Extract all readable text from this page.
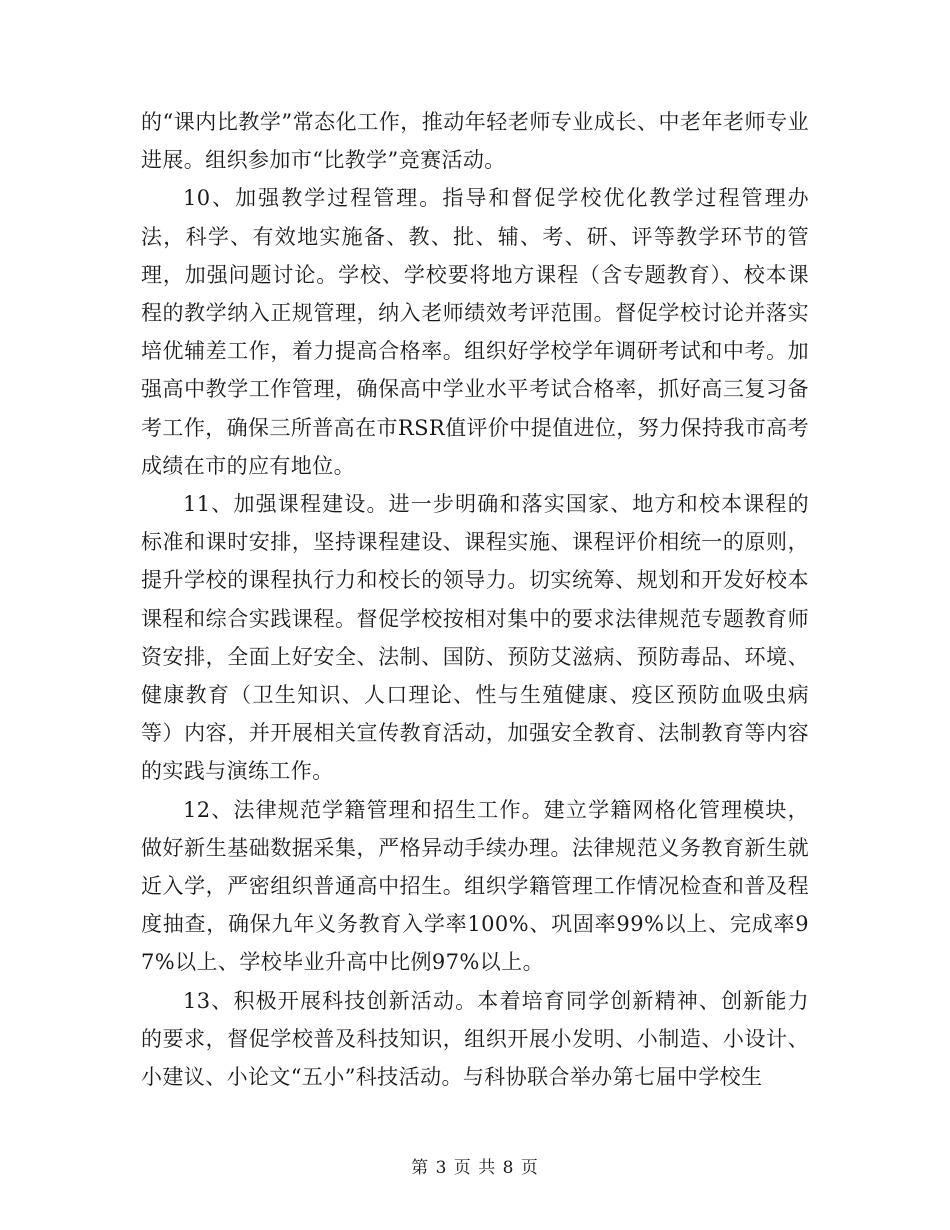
的“课内比教学”常态化工作，推动年轻老师专业成长、中老年老师专业进展。组织参加市“比教学”竞赛活动。

10、加强教学过程管理。指导和督促学校优化教学过程管理办法，科学、有效地实施备、教、批、辅、考、研、评等教学环节的管理，加强问题讨论。学校、学校要将地方课程（含专题教育）、校本课程的教学纳入正规管理，纳入老师绩效考评范围。督促学校讨论并落实培优辅差工作，着力提高合格率。组织好学校学年调研考试和中考。加强高中教学工作管理，确保高中学业水平考试合格率，抓好高三复习备考工作，确保三所普高在市RSR值评价中提值进位，努力保持我市高考成绩在市的应有地位。

11、加强课程建设。进一步明确和落实国家、地方和校本课程的标准和课时安排，坚持课程建设、课程实施、课程评价相统一的原则，提升学校的课程执行力和校长的领导力。切实统筹、规划和开发好校本课程和综合实践课程。督促学校按相对集中的要求法律规范专题教育师资安排，全面上好安全、法制、国防、预防艾滋病、预防毒品、环境、健康教育（卫生知识、人口理论、性与生殖健康、疫区预防血吸虫病等）内容，并开展相关宣传教育活动，加强安全教育、法制教育等内容的实践与演练工作。

12、法律规范学籍管理和招生工作。建立学籍网格化管理模块，做好新生基础数据采集，严格异动手续办理。法律规范义务教育新生就近入学，严密组织普通高中招生。组织学籍管理工作情况检查和普及程度抽查，确保九年义务教育入学率100%、巩固率99%以上、完成率97%以上、学校毕业升高中比例97%以上。

13、积极开展科技创新活动。本着培育同学创新精神、创新能力的要求，督促学校普及科技知识，组织开展小发明、小制造、小设计、小建议、小论文“五小”科技活动。与科协联合举办第七届中学校生

第 3 页 共 8 页
